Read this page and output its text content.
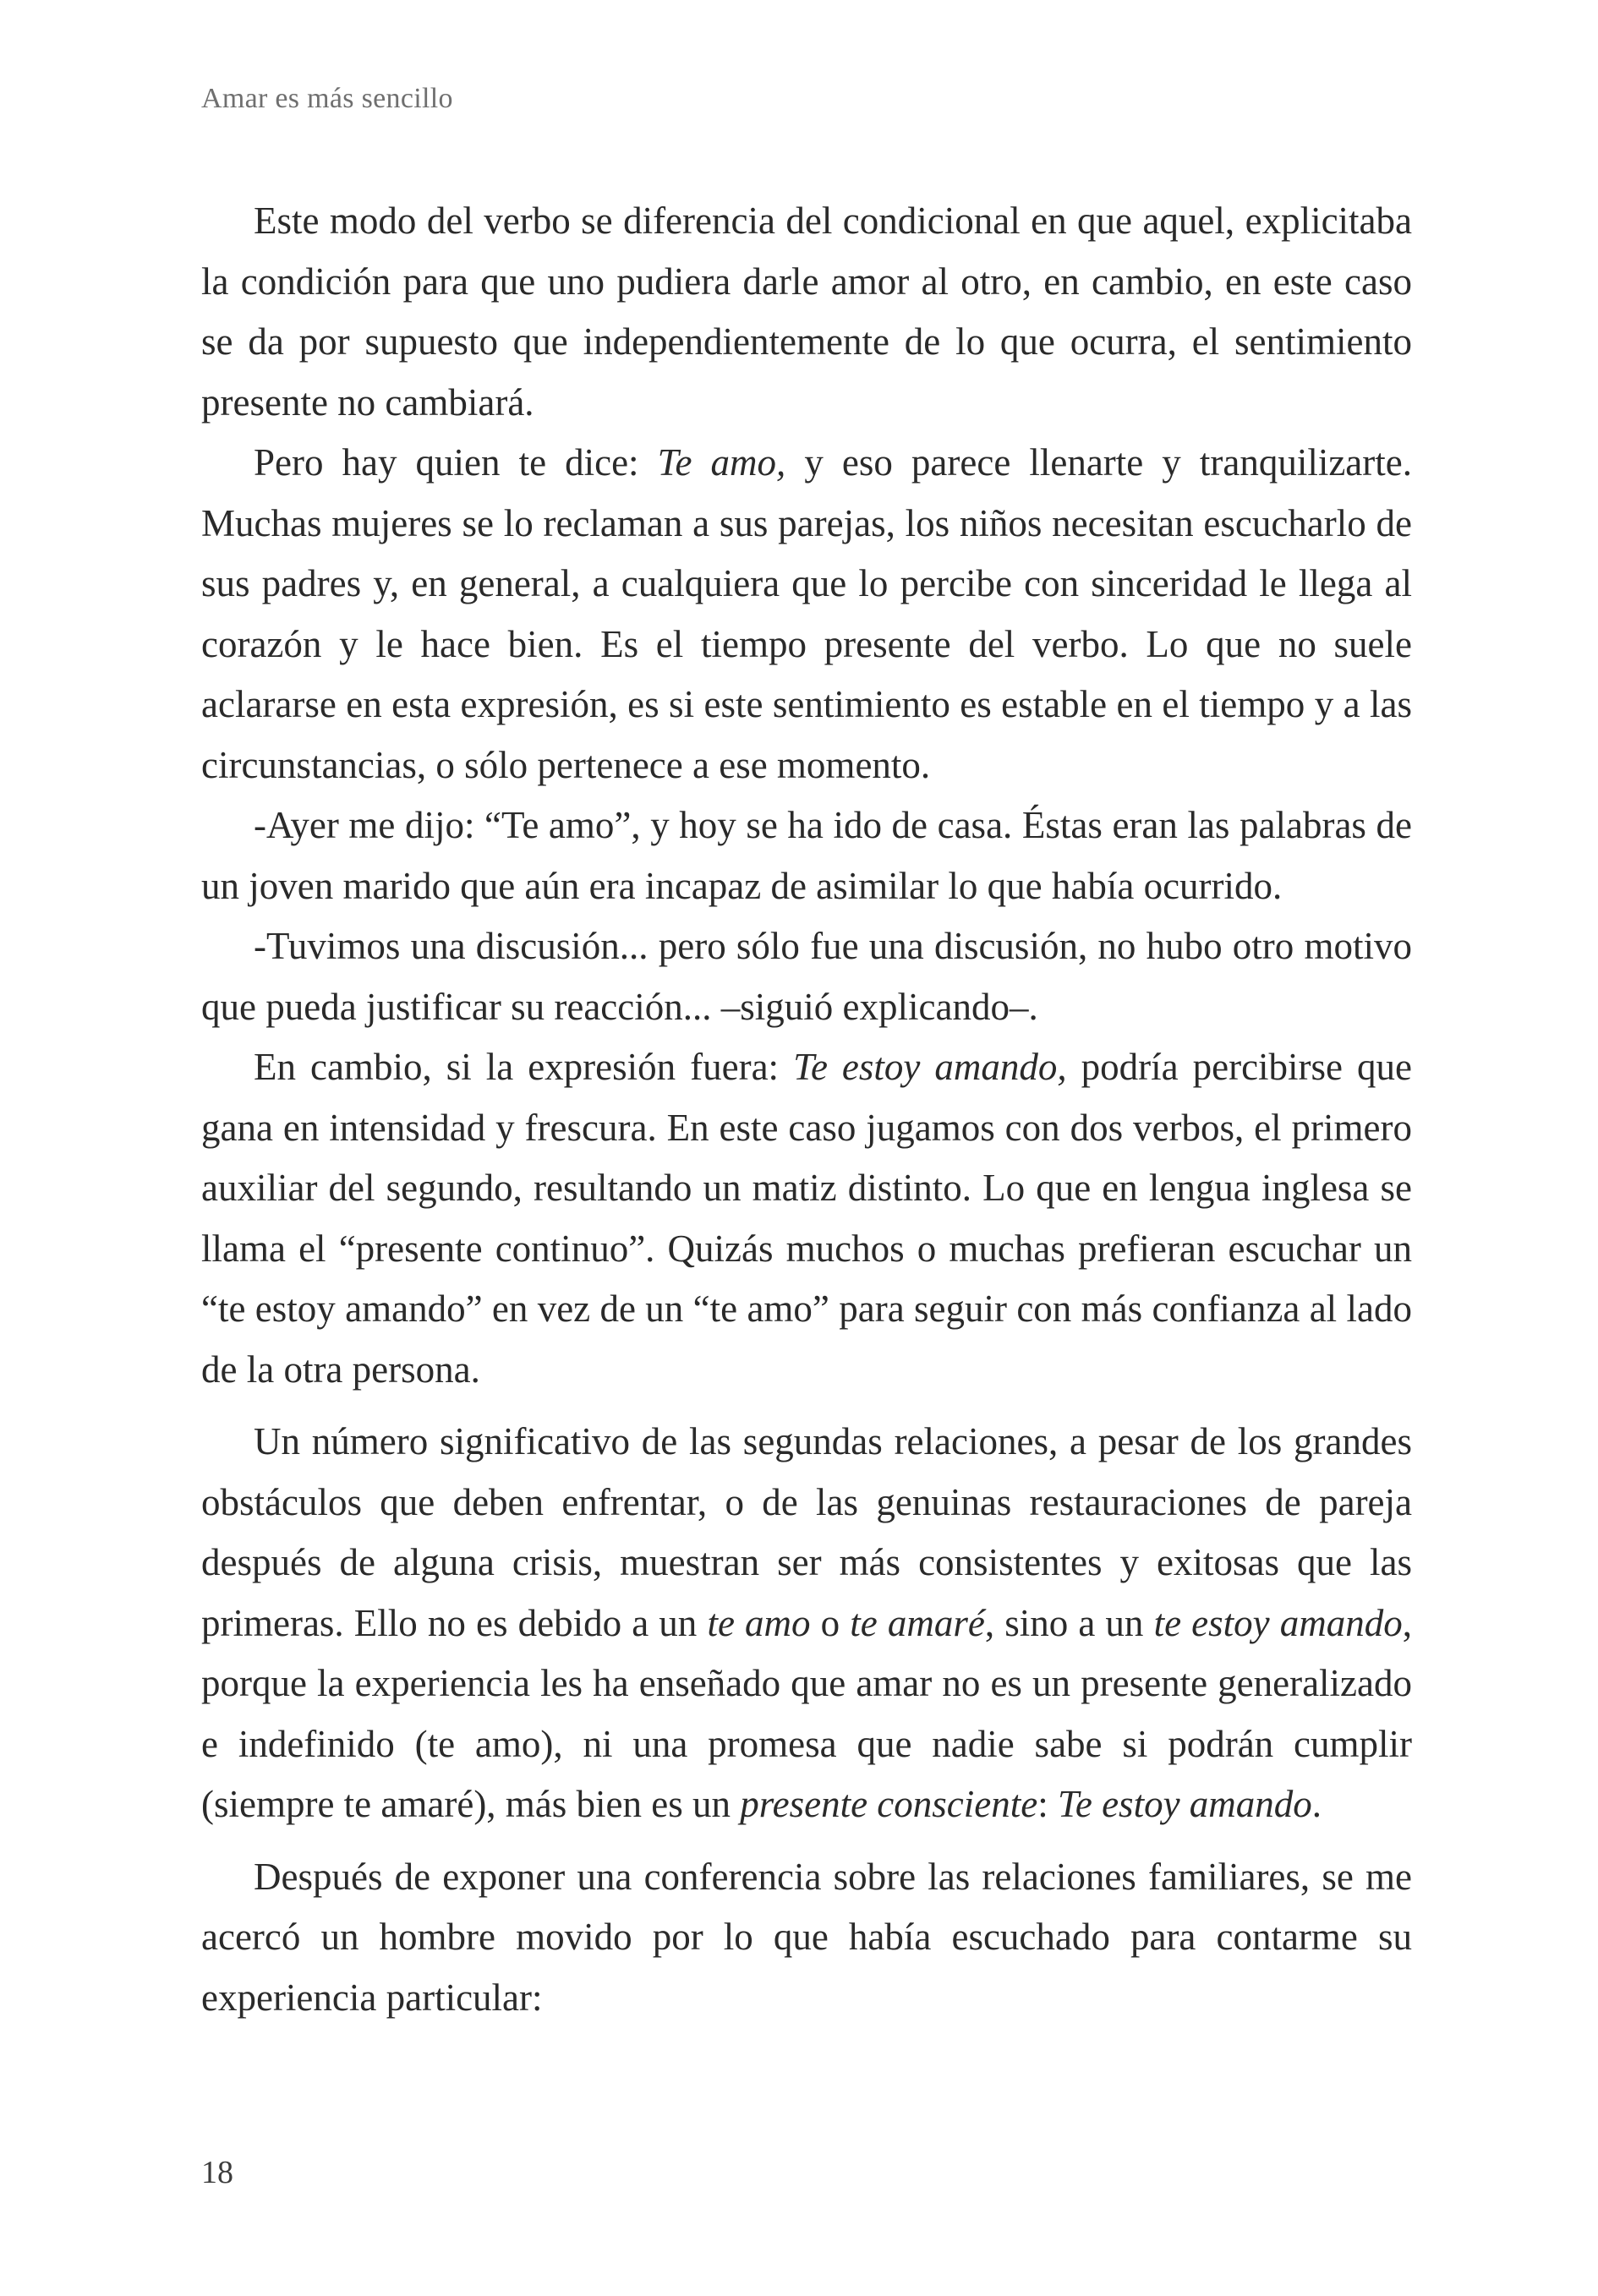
Amar es más sencillo

Este modo del verbo se diferencia del condicional en que aquel, explicitaba la condición para que uno pudiera darle amor al otro, en cambio, en este caso se da por supuesto que independientemente de lo que ocurra, el sentimiento presente no cambiará.

Pero hay quien te dice: Te amo, y eso parece llenarte y tranquilizarte. Muchas mujeres se lo reclaman a sus parejas, los niños necesitan escucharlo de sus padres y, en general, a cualquiera que lo percibe con sinceridad le llega al corazón y le hace bien. Es el tiempo presente del verbo. Lo que no suele aclararse en esta expresión, es si este sentimiento es estable en el tiempo y a las circunstancias, o sólo pertenece a ese momento.

-Ayer me dijo: “Te amo”, y hoy se ha ido de casa. Éstas eran las palabras de un joven marido que aún era incapaz de asimilar lo que había ocurrido.

-Tuvimos una discusión... pero sólo fue una discusión, no hubo otro motivo que pueda justificar su reacción... –siguió explicando–.

En cambio, si la expresión fuera: Te estoy amando, podría percibirse que gana en intensidad y frescura. En este caso jugamos con dos verbos, el primero auxiliar del segundo, resultando un matiz distinto. Lo que en lengua inglesa se llama el “presente continuo”. Quizás muchos o muchas prefieran escuchar un “te estoy amando” en vez de un “te amo” para seguir con más confianza al lado de la otra persona.

Un número significativo de las segundas relaciones, a pesar de los grandes obstáculos que deben enfrentar, o de las genuinas restauraciones de pareja después de alguna crisis, muestran ser más consistentes y exitosas que las primeras. Ello no es debido a un te amo o te amaré, sino a un te estoy amando, porque la experiencia les ha enseñado que amar no es un presente generalizado e indefinido (te amo), ni una promesa que nadie sabe si podrán cumplir (siempre te amaré), más bien es un presente consciente: Te estoy amando.

Después de exponer una conferencia sobre las relaciones familiares, se me acercó un hombre movido por lo que había escuchado para contarme su experiencia particular:

18
